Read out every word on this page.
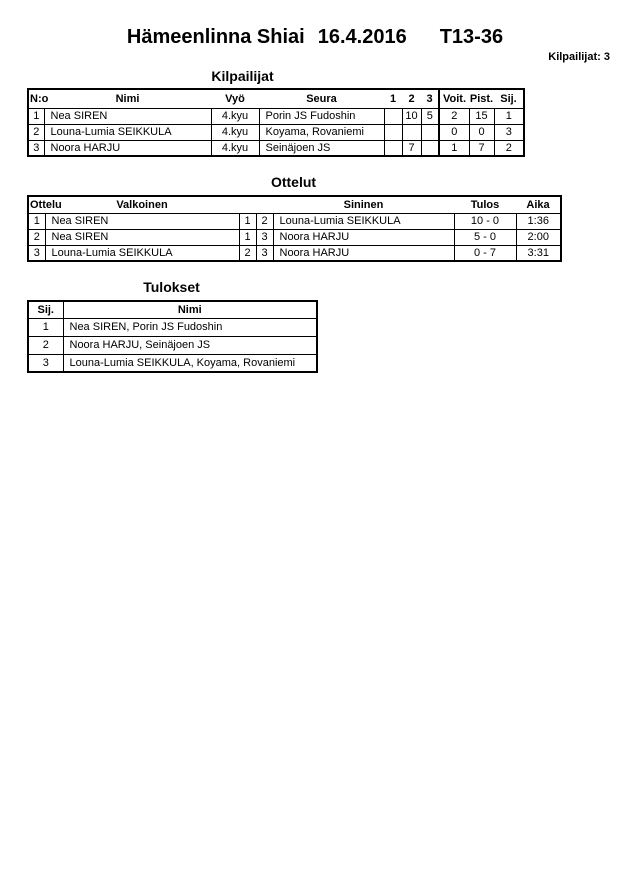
Hämeenlinna Shiai 16.4.2016 T13-36
Kilpailijat: 3
Kilpailijat
N:o	Nimi	Vyö	Seura	1	2	3	Voit.	Pist.	Sij.
1	Nea SIREN	4.kyu	Porin JS Fudoshin		10	5	2	15	1
2	Louna-Lumia SEIKKULA	4.kyu	Koyama, Rovaniemi				0	0	3
3	Noora HARJU	4.kyu	Seinäjoen JS		7		1	7	2
Ottelut
Ottelu	Valkoinen			Sininen	Tulos	Aika
1	Nea SIREN	1	2	Louna-Lumia SEIKKULA	10 - 0	1:36
2	Nea SIREN	1	3	Noora HARJU	5 - 0	2:00
3	Louna-Lumia SEIKKULA	2	3	Noora HARJU	0 - 7	3:31
Tulokset
Sij.	Nimi
1	Nea SIREN, Porin JS Fudoshin
2	Noora HARJU, Seinäjoen JS
3	Louna-Lumia SEIKKULA, Koyama, Rovaniemi
